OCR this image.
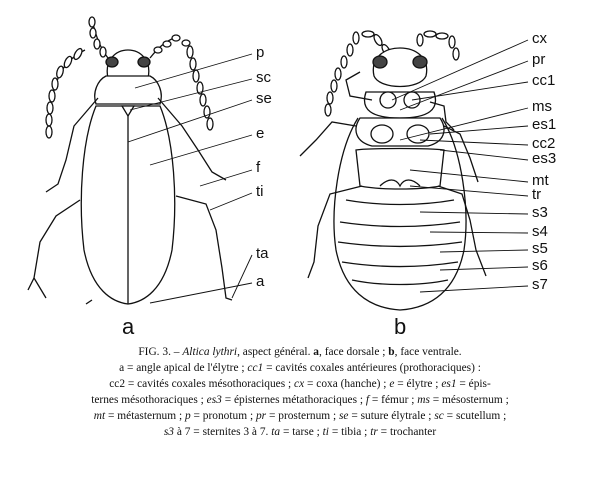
p
sc
se
e
f
ti
ta
a
a
cx
pr
cc1
ms
es1
cc2
es3
mt
tr
s3
s4
s5
s6
s7
b

FIG. 3. – Altica lythri, aspect général. a, face dorsale ; b, face ventrale.

a = angle apical de l'élytre ; cc1 = cavités coxales antérieures (prothoraciques) :

cc2 = cavités coxales mésothoraciques ; cx = coxa (hanche) ; e = élytre ; es1 = épis-

ternes mésothoraciques ; es3 = épisternes métathoraciques ; f = fémur ; ms = mésosternum ;

mt = métasternum ; p = pronotum ; pr = prosternum ; se = suture élytrale ; sc = scutellum ;

s3 à 7 = sternites 3 à 7. ta = tarse ; ti = tibia ; tr = trochanter
